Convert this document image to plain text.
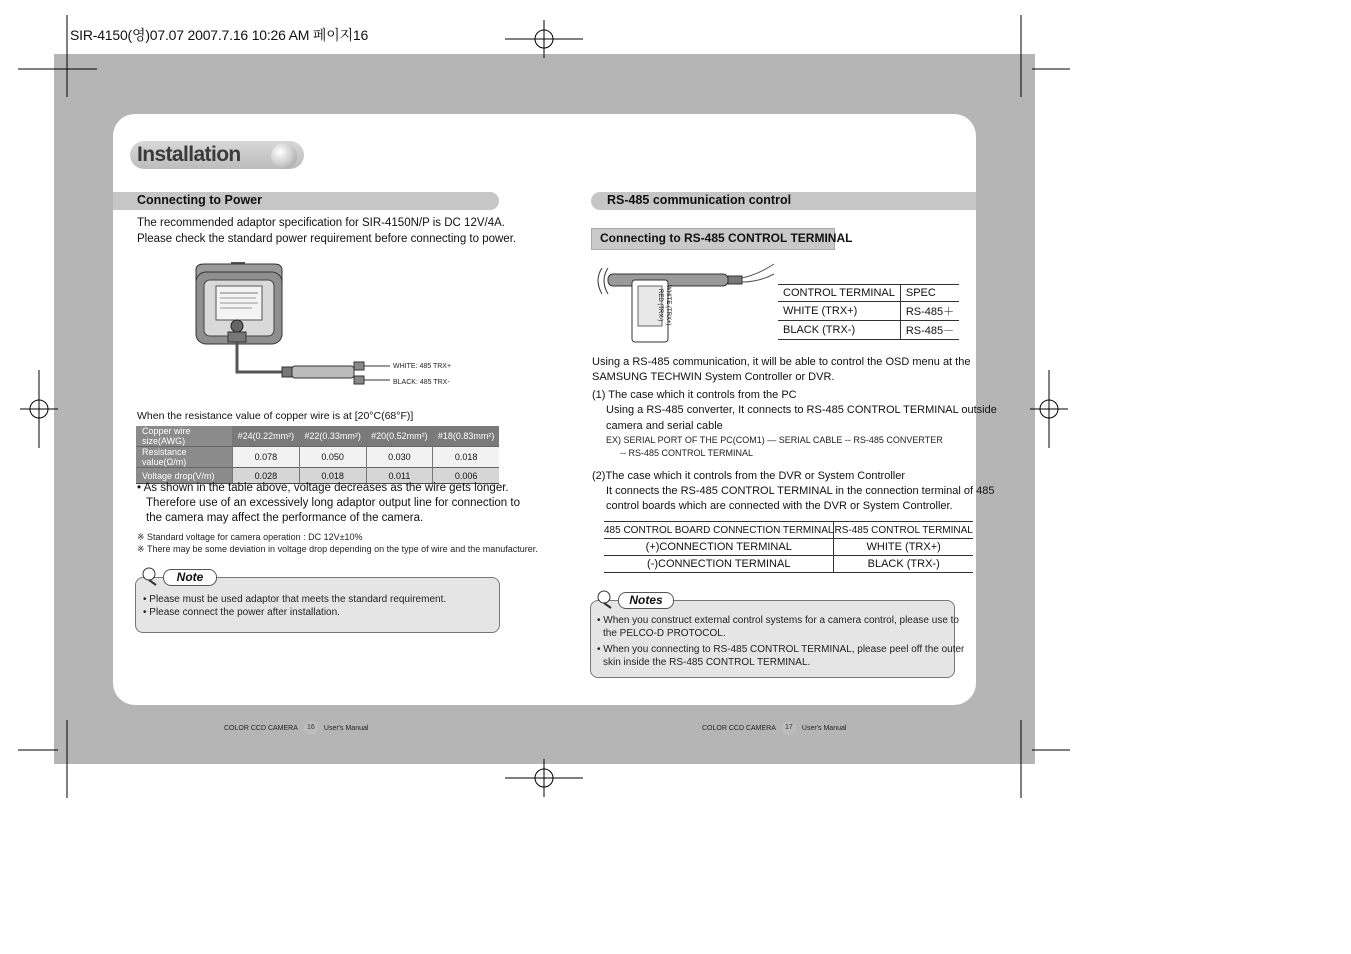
SIR-4150(영)07.07 2007.7.16 10:26 AM 페이지16
Installation
Connecting to Power
The recommended adaptor specification for SIR-4150N/P is DC 12V/4A.
Please check the standard power requirement before connecting to power.
WHITE: 485 TRX+
BLACK: 485 TRX-
When the resistance value of copper wire is at [20°C(68°F)]
Copper wire size(AWG)	#24(0.22mm²)	#22(0.33mm²)	#20(0.52mm²)	#18(0.83mm²)
Resistance value(Ω/m)	0.078	0.050	0.030	0.018
Voltage drop(V/m)	0.028	0.018	0.011	0.006
• As shown in the table above, voltage decreases as the wire gets longer.
Therefore use of an excessively long adaptor output line for connection to
the camera may affect the performance of the camera.
※ Standard voltage for camera operation : DC 12V±10%
※ There may be some deviation in voltage drop depending on the type of wire and the manufacturer.
Note
• Please must be used adaptor that meets the standard requirement.
• Please connect the power after installation.
COLOR CCD CAMERA 16 User's Manual
RS-485 communication control
Connecting to RS-485 CONTROL TERMINAL
WHITE (TRX+) RED (TRX-)	CONTROL TERMINAL	SPEC
WHITE (TRX+)	RS-485＋
BLACK (TRX-)	RS-485－
Using a RS-485 communication, it will be able to control the OSD menu at the
SAMSUNG TECHWIN System Controller or DVR.
(1) The case which it controls from the PC
Using a RS-485 converter, It connects to RS-485 CONTROL TERMINAL outside
camera and serial cable
EX) SERIAL PORT OF THE PC(COM1) — SERIAL CABLE -- RS-485 CONVERTER
-- RS-485 CONTROL TERMINAL
(2)The case which it controls from the DVR or System Controller
It connects the RS-485 CONTROL TERMINAL in the connection terminal of 485
control boards which are connected with the DVR or System Controller.
485 CONTROL BOARD CONNECTION TERMINAL	RS-485 CONTROL TERMINAL
(+)CONNECTION TERMINAL	WHITE (TRX+)
(-)CONNECTION TERMINAL	BLACK (TRX-)
Notes
• When you construct external control systems for a camera control, please use to
the PELCO-D PROTOCOL.
• When you connecting to RS-485 CONTROL TERMINAL, please peel off the outer
skin inside the RS-485 CONTROL TERMINAL.
COLOR CCD CAMERA 17 User's Manual
